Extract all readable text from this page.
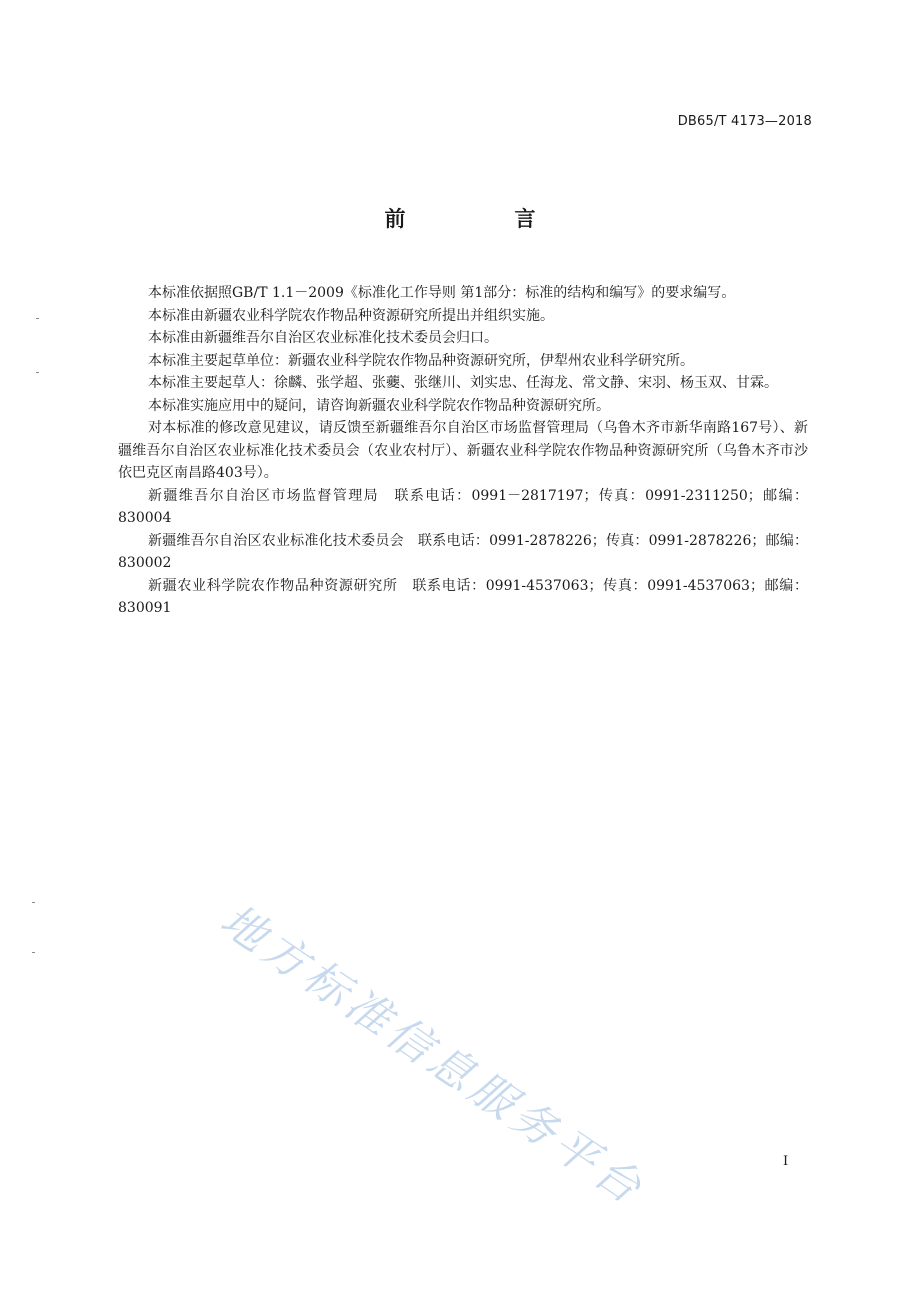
DB65/T 4173—2018
前　言

本标准依据照GB/T 1.1－2009《标准化工作导则 第1部分：标准的结构和编写》的要求编写。

本标准由新疆农业科学院农作物品种资源研究所提出并组织实施。

本标准由新疆维吾尔自治区农业标准化技术委员会归口。

本标准主要起草单位：新疆农业科学院农作物品种资源研究所，伊犁州农业科学研究所。

本标准主要起草人：徐麟、张学超、张虁、张继川、刘实忠、任海龙、常文静、宋羽、杨玉双、甘霖。

本标准实施应用中的疑问，请咨询新疆农业科学院农作物品种资源研究所。

对本标准的修改意见建议，请反馈至新疆维吾尔自治区市场监督管理局（乌鲁木齐市新华南路167号）、新疆维吾尔自治区农业标准化技术委员会（农业农村厅）、新疆农业科学院农作物品种资源研究所（乌鲁木齐市沙依巴克区南昌路403号）。

新疆维吾尔自治区市场监督管理局　联系电话：0991－2817197；传真：0991-2311250；邮编：830004

新疆维吾尔自治区农业标准化技术委员会　联系电话：0991-2878226；传真：0991-2878226；邮编：830002

新疆农业科学院农作物品种资源研究所　联系电话：0991-4537063；传真：0991-4537063；邮编：830091

地方标准信息服务平台	I
